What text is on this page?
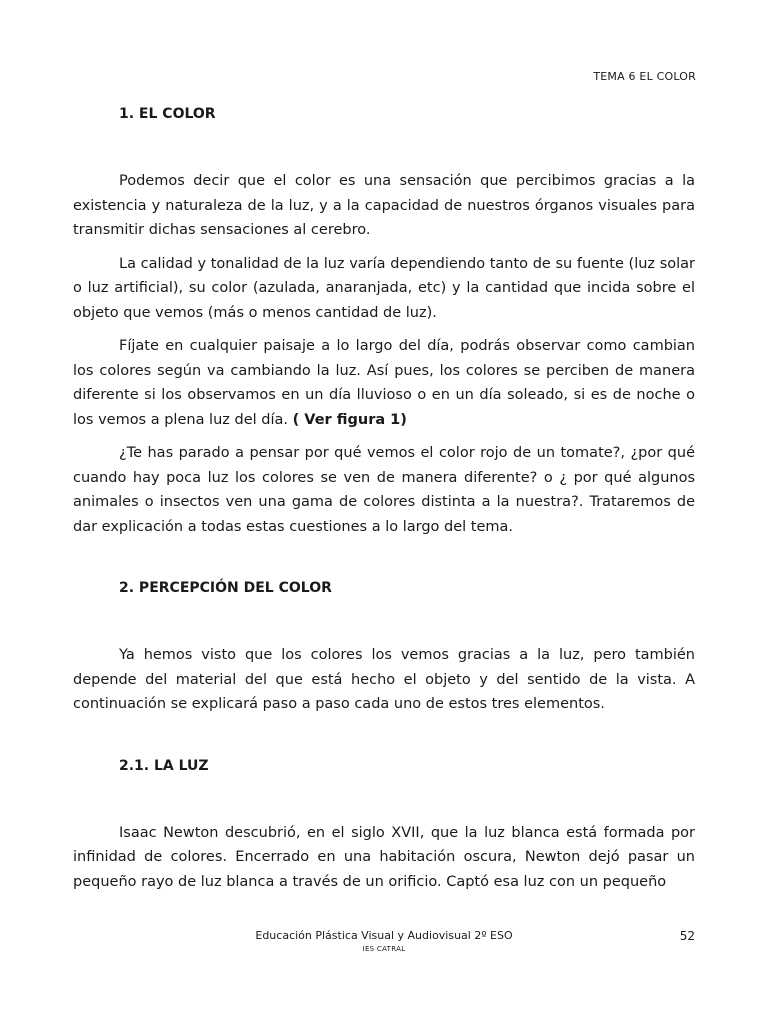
TEMA 6 EL COLOR
1. EL COLOR

Podemos decir que el color es una sensación que percibimos gracias a la existencia y naturaleza de la luz, y a la capacidad de nuestros órganos visuales para transmitir dichas sensaciones al cerebro.

La calidad y tonalidad de la luz varía dependiendo tanto de su fuente (luz solar o luz artificial), su color (azulada, anaranjada, etc) y la cantidad que incida sobre el objeto que vemos (más o menos cantidad de luz).

Fíjate en cualquier paisaje a lo largo del día, podrás observar como cambian los colores según va cambiando la luz. Así pues, los colores se perciben de manera diferente si los observamos en un día lluvioso o en un día soleado, si es de noche o los vemos a plena luz del día. ( Ver figura 1)

¿Te has parado a pensar por qué vemos el color rojo de un tomate?, ¿por qué cuando hay poca luz los colores se ven de manera diferente? o ¿ por qué algunos animales o insectos ven una gama de colores distinta a la nuestra?. Trataremos de dar explicación a todas estas cuestiones a lo largo del tema.

2. PERCEPCIÓN DEL COLOR

Ya hemos visto que los colores los vemos gracias a la luz, pero también depende del material del que está hecho el objeto y del sentido de la vista. A continuación se explicará paso a paso cada uno de estos tres elementos.

2.1. LA LUZ

Isaac Newton descubrió, en el siglo XVII, que la luz blanca está formada por infinidad de colores. Encerrado en una habitación oscura, Newton dejó pasar un pequeño rayo de luz blanca a través de un orificio. Captó esa luz con un pequeño

Educación Plástica Visual y Audiovisual 2º ESO	52
IES CATRAL
